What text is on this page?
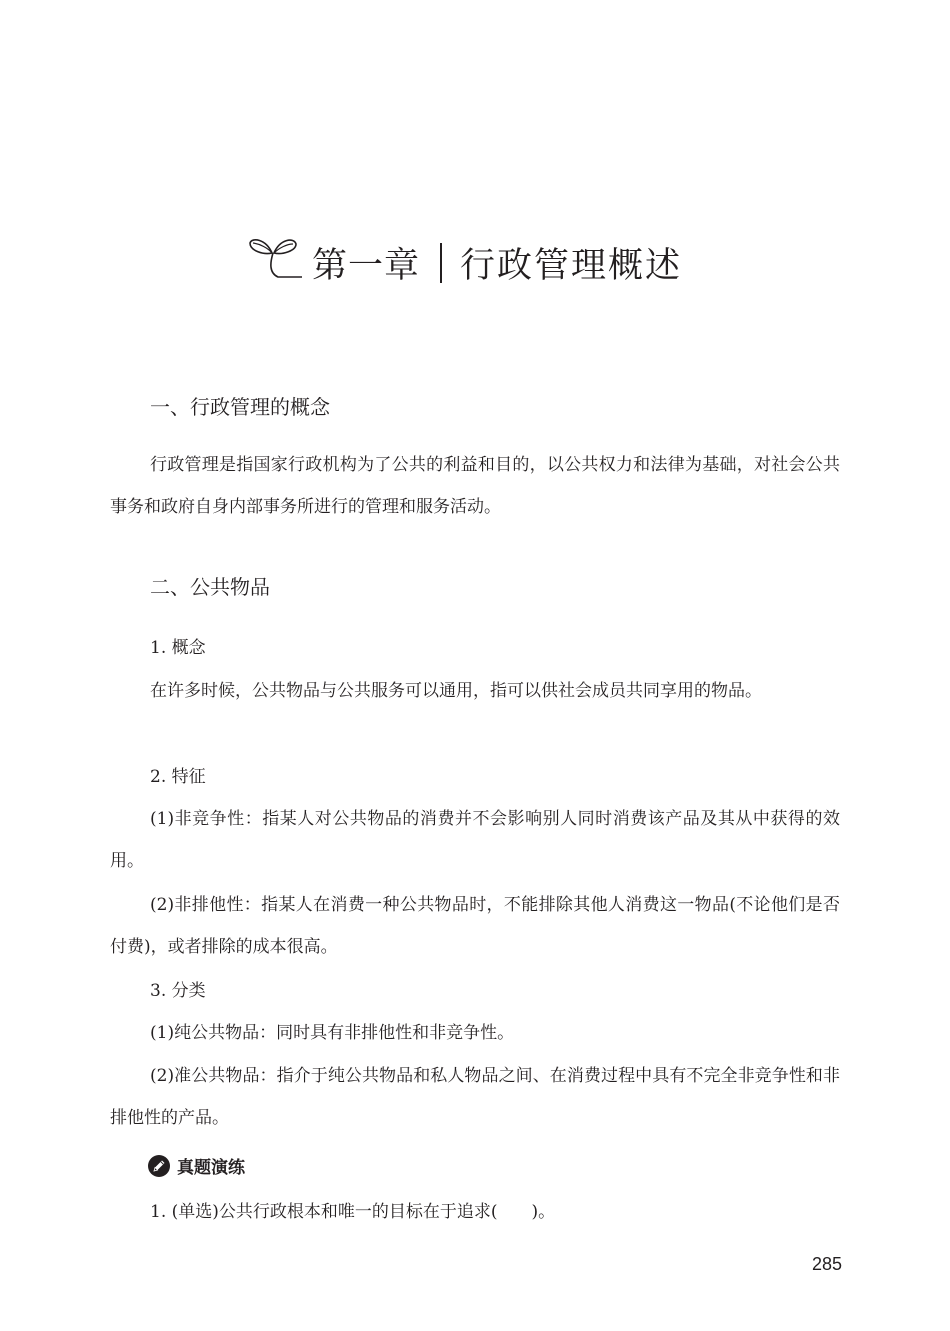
第一章 行政管理概述
一、行政管理的概念
行政管理是指国家行政机构为了公共的利益和目的，以公共权力和法律为基础，对社会公共事务和政府自身内部事务所进行的管理和服务活动。
二、公共物品
1. 概念
在许多时候，公共物品与公共服务可以通用，指可以供社会成员共同享用的物品。
2. 特征
(1)非竞争性：指某人对公共物品的消费并不会影响别人同时消费该产品及其从中获得的效用。
(2)非排他性：指某人在消费一种公共物品时，不能排除其他人消费这一物品(不论他们是否付费)，或者排除的成本很高。
3. 分类
(1)纯公共物品：同时具有非排他性和非竞争性。
(2)准公共物品：指介于纯公共物品和私人物品之间、在消费过程中具有不完全非竞争性和非排他性的产品。
真题演练
1. (单选)公共行政根本和唯一的目标在于追求(　　)。
285
